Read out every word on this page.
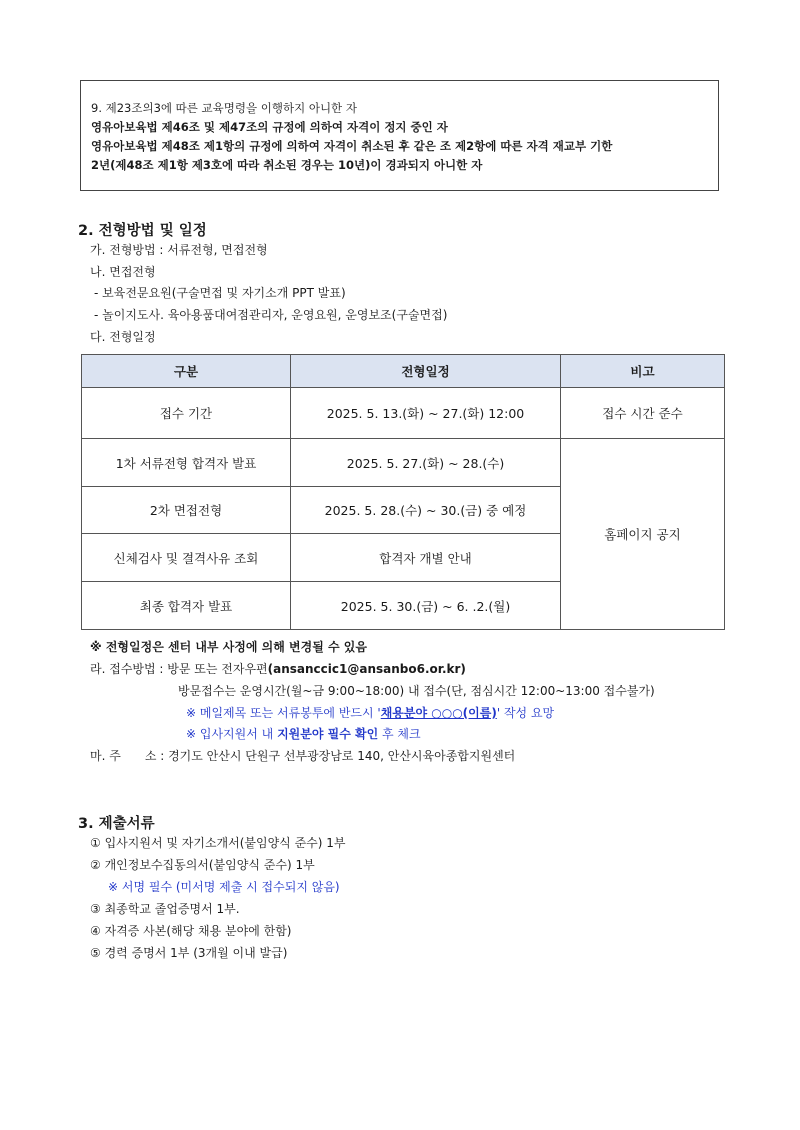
9. 제23조의3에 따른 교육명령을 이행하지 아니한 자

영유아보육법 제46조 및 제47조의 규정에 의하여 자격이 정지 중인 자

영유아보육법 제48조 제1항의 규정에 의하여 자격이 취소된 후 같은 조 제2항에 따른 자격 재교부 기한

2년(제48조 제1항 제3호에 따라 취소된 경우는 10년)이 경과되지 아니한 자

2. 전형방법 및 일정
가. 전형방법 : 서류전형, 면접전형
나. 면접전형
- 보육전문요원(구술면접 및 자기소개 PPT 발표)
- 놀이지도사. 육아용품대여점관리자, 운영요원, 운영보조(구술면접)
다. 전형일정
구분	전형일정	비고
접수 기간	2025. 5. 13.(화) ~ 27.(화) 12:00	접수 시간 준수
1차 서류전형 합격자 발표	2025. 5. 27.(화) ~ 28.(수)	홈페이지 공지
2차 면접전형	2025. 5. 28.(수) ~ 30.(금) 중 예정	
신체검사 및 결격사유 조회	합격자 개별 안내	
최종 합격자 발표	2025. 5. 30.(금) ~ 6. .2.(월)	
※ 전형일정은 센터 내부 사정에 의해 변경될 수 있음
라. 접수방법 : 방문 또는 전자우편(ansanccic1@ansanbo6.or.kr)
방문접수는 운영시간(월~금 9:00~18:00) 내 접수(단, 점심시간 12:00~13:00 접수불가)
※ 메일제목 또는 서류봉투에 반드시 '채용분야 ○○○(이름)' 작성 요망
※ 입사지원서 내 지원분야 필수 확인 후 체크
마. 주　　소 : 경기도 안산시 단원구 선부광장남로 140, 안산시육아종합지원센터
3. 제출서류
① 입사지원서 및 자기소개서(붙임양식 준수) 1부
② 개인정보수집동의서(붙임양식 준수) 1부
※ 서명 필수 (미서명 제출 시 접수되지 않음)
③ 최종학교 졸업증명서 1부.
④ 자격증 사본(해당 채용 분야에 한함)
⑤ 경력 증명서 1부 (3개월 이내 발급)
